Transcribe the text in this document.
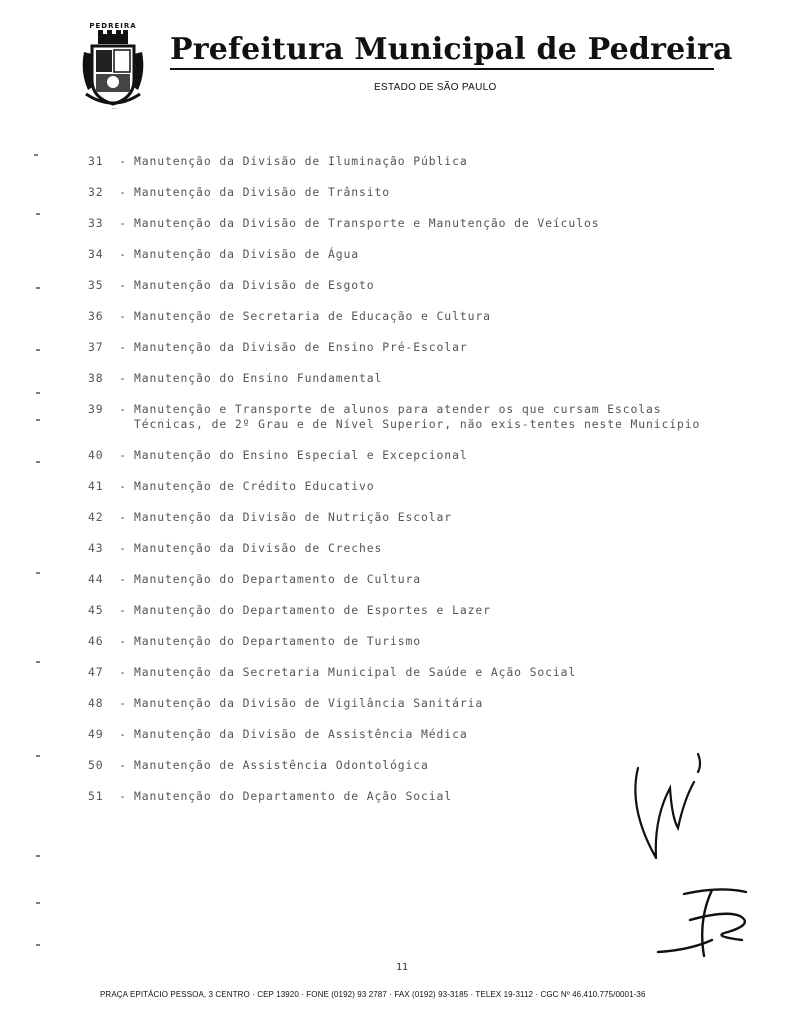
PEDREIRA
···
Prefeitura Municipal de Pedreira
ESTADO DE SÃO PAULO
31	- Manutenção da Divisão de Iluminação Pública
32	- Manutenção da Divisão de Trânsito
33	- Manutenção da Divisão de Transporte e Manutenção de Veículos
34	- Manutenção da Divisão de Água
35	- Manutenção da Divisão de Esgoto
36	- Manutenção de Secretaria de Educação e Cultura
37	- Manutenção da Divisão de Ensino Pré-Escolar
38	- Manutenção do Ensino Fundamental
39	- Manutenção e Transporte de alunos para atender os que cursam Escolas Técnicas, de 2º Grau e de Nível Superior, não exis-tentes neste Município
40	- Manutenção do Ensino Especial e Excepcional
41	- Manutenção de Crédito Educativo
42	- Manutenção da Divisão de Nutrição Escolar
43	- Manutenção da Divisão de Creches
44	- Manutenção do Departamento de Cultura
45	- Manutenção do Departamento de Esportes e Lazer
46	- Manutenção do Departamento de Turismo
47	- Manutenção da Secretaria Municipal de Saúde e Ação Social
48	- Manutenção da Divisão de Vigilância Sanitária
49	- Manutenção da Divisão de Assistência Médica
50	- Manutenção de Assistência Odontológica
51	- Manutenção do Departamento de Ação Social
11
PRAÇA EPITÁCIO PESSOA, 3 CENTRO · CEP 13920 · FONE (0192) 93 2787 · FAX (0192) 93-3185 · TELEX 19-3112 · CGC Nº 46.410.775/0001-36
